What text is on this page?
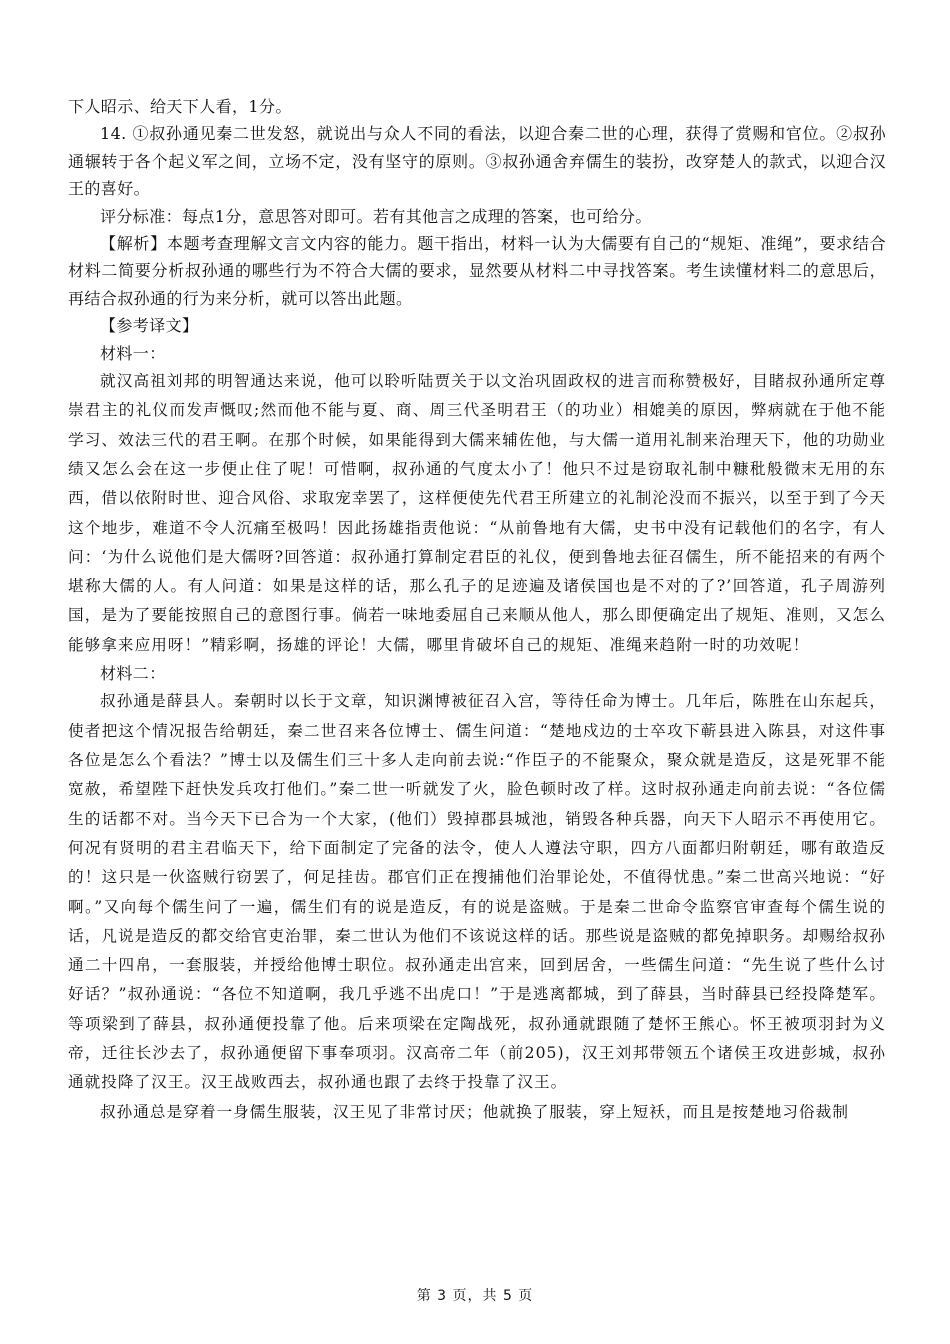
下人昭示、给天下人看，1分。

14. ①叔孙通见秦二世发怒，就说出与众人不同的看法，以迎合秦二世的心理，获得了赏赐和官位。②叔孙通辗转于各个起义军之间，立场不定，没有坚守的原则。③叔孙通舍弃儒生的装扮，改穿楚人的款式，以迎合汉王的喜好。

评分标准：每点1分，意思答对即可。若有其他言之成理的答案，也可给分。

【解析】本题考查理解文言文内容的能力。题干指出，材料一认为大儒要有自己的“规矩、准绳”，要求结合材料二简要分析叔孙通的哪些行为不符合大儒的要求，显然要从材料二中寻找答案。考生读懂材料二的意思后，再结合叔孙通的行为来分析，就可以答出此题。

【参考译文】

材料一：

就汉高祖刘邦的明智通达来说，他可以聆听陆贾关于以文治巩固政权的进言而称赞极好，目睹叔孙通所定尊崇君主的礼仪而发声慨叹;然而他不能与夏、商、周三代圣明君王（的功业）相媲美的原因，弊病就在于他不能学习、效法三代的君王啊。在那个时候，如果能得到大儒来辅佐他，与大儒一道用礼制来治理天下，他的功勋业绩又怎么会在这一步便止住了呢！可惜啊，叔孙通的气度太小了！他只不过是窃取礼制中糠秕般微末无用的东西，借以依附时世、迎合风俗、求取宠幸罢了，这样便使先代君王所建立的礼制沦没而不振兴，以至于到了今天这个地步，难道不令人沉痛至极吗！因此扬雄指责他说：“从前鲁地有大儒，史书中没有记载他们的名字，有人问：‘为什么说他们是大儒呀?回答道：叔孙通打算制定君臣的礼仪，便到鲁地去征召儒生，所不能招来的有两个堪称大儒的人。有人问道：如果是这样的话，那么孔子的足迹遍及诸侯国也是不对的了?’回答道，孔子周游列国，是为了要能按照自己的意图行事。倘若一味地委屈自己来顺从他人，那么即便确定出了规矩、准则，又怎么能够拿来应用呀！”精彩啊，扬雄的评论！大儒，哪里肯破坏自己的规矩、准绳来趋附一时的功效呢！

材料二：

叔孙通是薛县人。秦朝时以长于文章，知识渊博被征召入宫，等待任命为博士。几年后，陈胜在山东起兵，使者把这个情况报告给朝廷，秦二世召来各位博士、儒生问道：“楚地戍边的士卒攻下蕲县进入陈县，对这件事各位是怎么个看法？”博士以及儒生们三十多人走向前去说:“作臣子的不能聚众，聚众就是造反，这是死罪不能宽赦，希望陛下赶快发兵攻打他们。”秦二世一听就发了火，脸色顿时改了样。这时叔孙通走向前去说：“各位儒生的话都不对。当今天下已合为一个大家，(他们）毁掉郡县城池，销毁各种兵器，向天下人昭示不再使用它。何况有贤明的君主君临天下，给下面制定了完备的法令，使人人遵法守职，四方八面都归附朝廷，哪有敢造反的！这只是一伙盗贼行窃罢了，何足挂齿。郡官们正在搜捕他们治罪论处，不值得忧患。”秦二世高兴地说：“好啊。”又向每个儒生问了一遍，儒生们有的说是造反，有的说是盗贼。于是秦二世命令监察官审查每个儒生说的话，凡说是造反的都交给官吏治罪，秦二世认为他们不该说这样的话。那些说是盗贼的都免掉职务。却赐给叔孙通二十四帛，一套服装，并授给他博士职位。叔孙通走出宫来，回到居舍，一些儒生问道：“先生说了些什么讨好话？”叔孙通说：“各位不知道啊，我几乎逃不出虎口！”于是逃离都城，到了薛县，当时薛县已经投降楚军。等项梁到了薛县，叔孙通便投靠了他。后来项梁在定陶战死，叔孙通就跟随了楚怀王熊心。怀王被项羽封为义帝，迁往长沙去了，叔孙通便留下事奉项羽。汉高帝二年（前205)，汉王刘邦带领五个诸侯王攻进彭城，叔孙通就投降了汉王。汉王战败西去，叔孙通也跟了去终于投靠了汉王。

叔孙通总是穿着一身儒生服装，汉王见了非常讨厌；他就换了服装，穿上短袄，而且是按楚地习俗裁制

第 3 页，共 5 页
